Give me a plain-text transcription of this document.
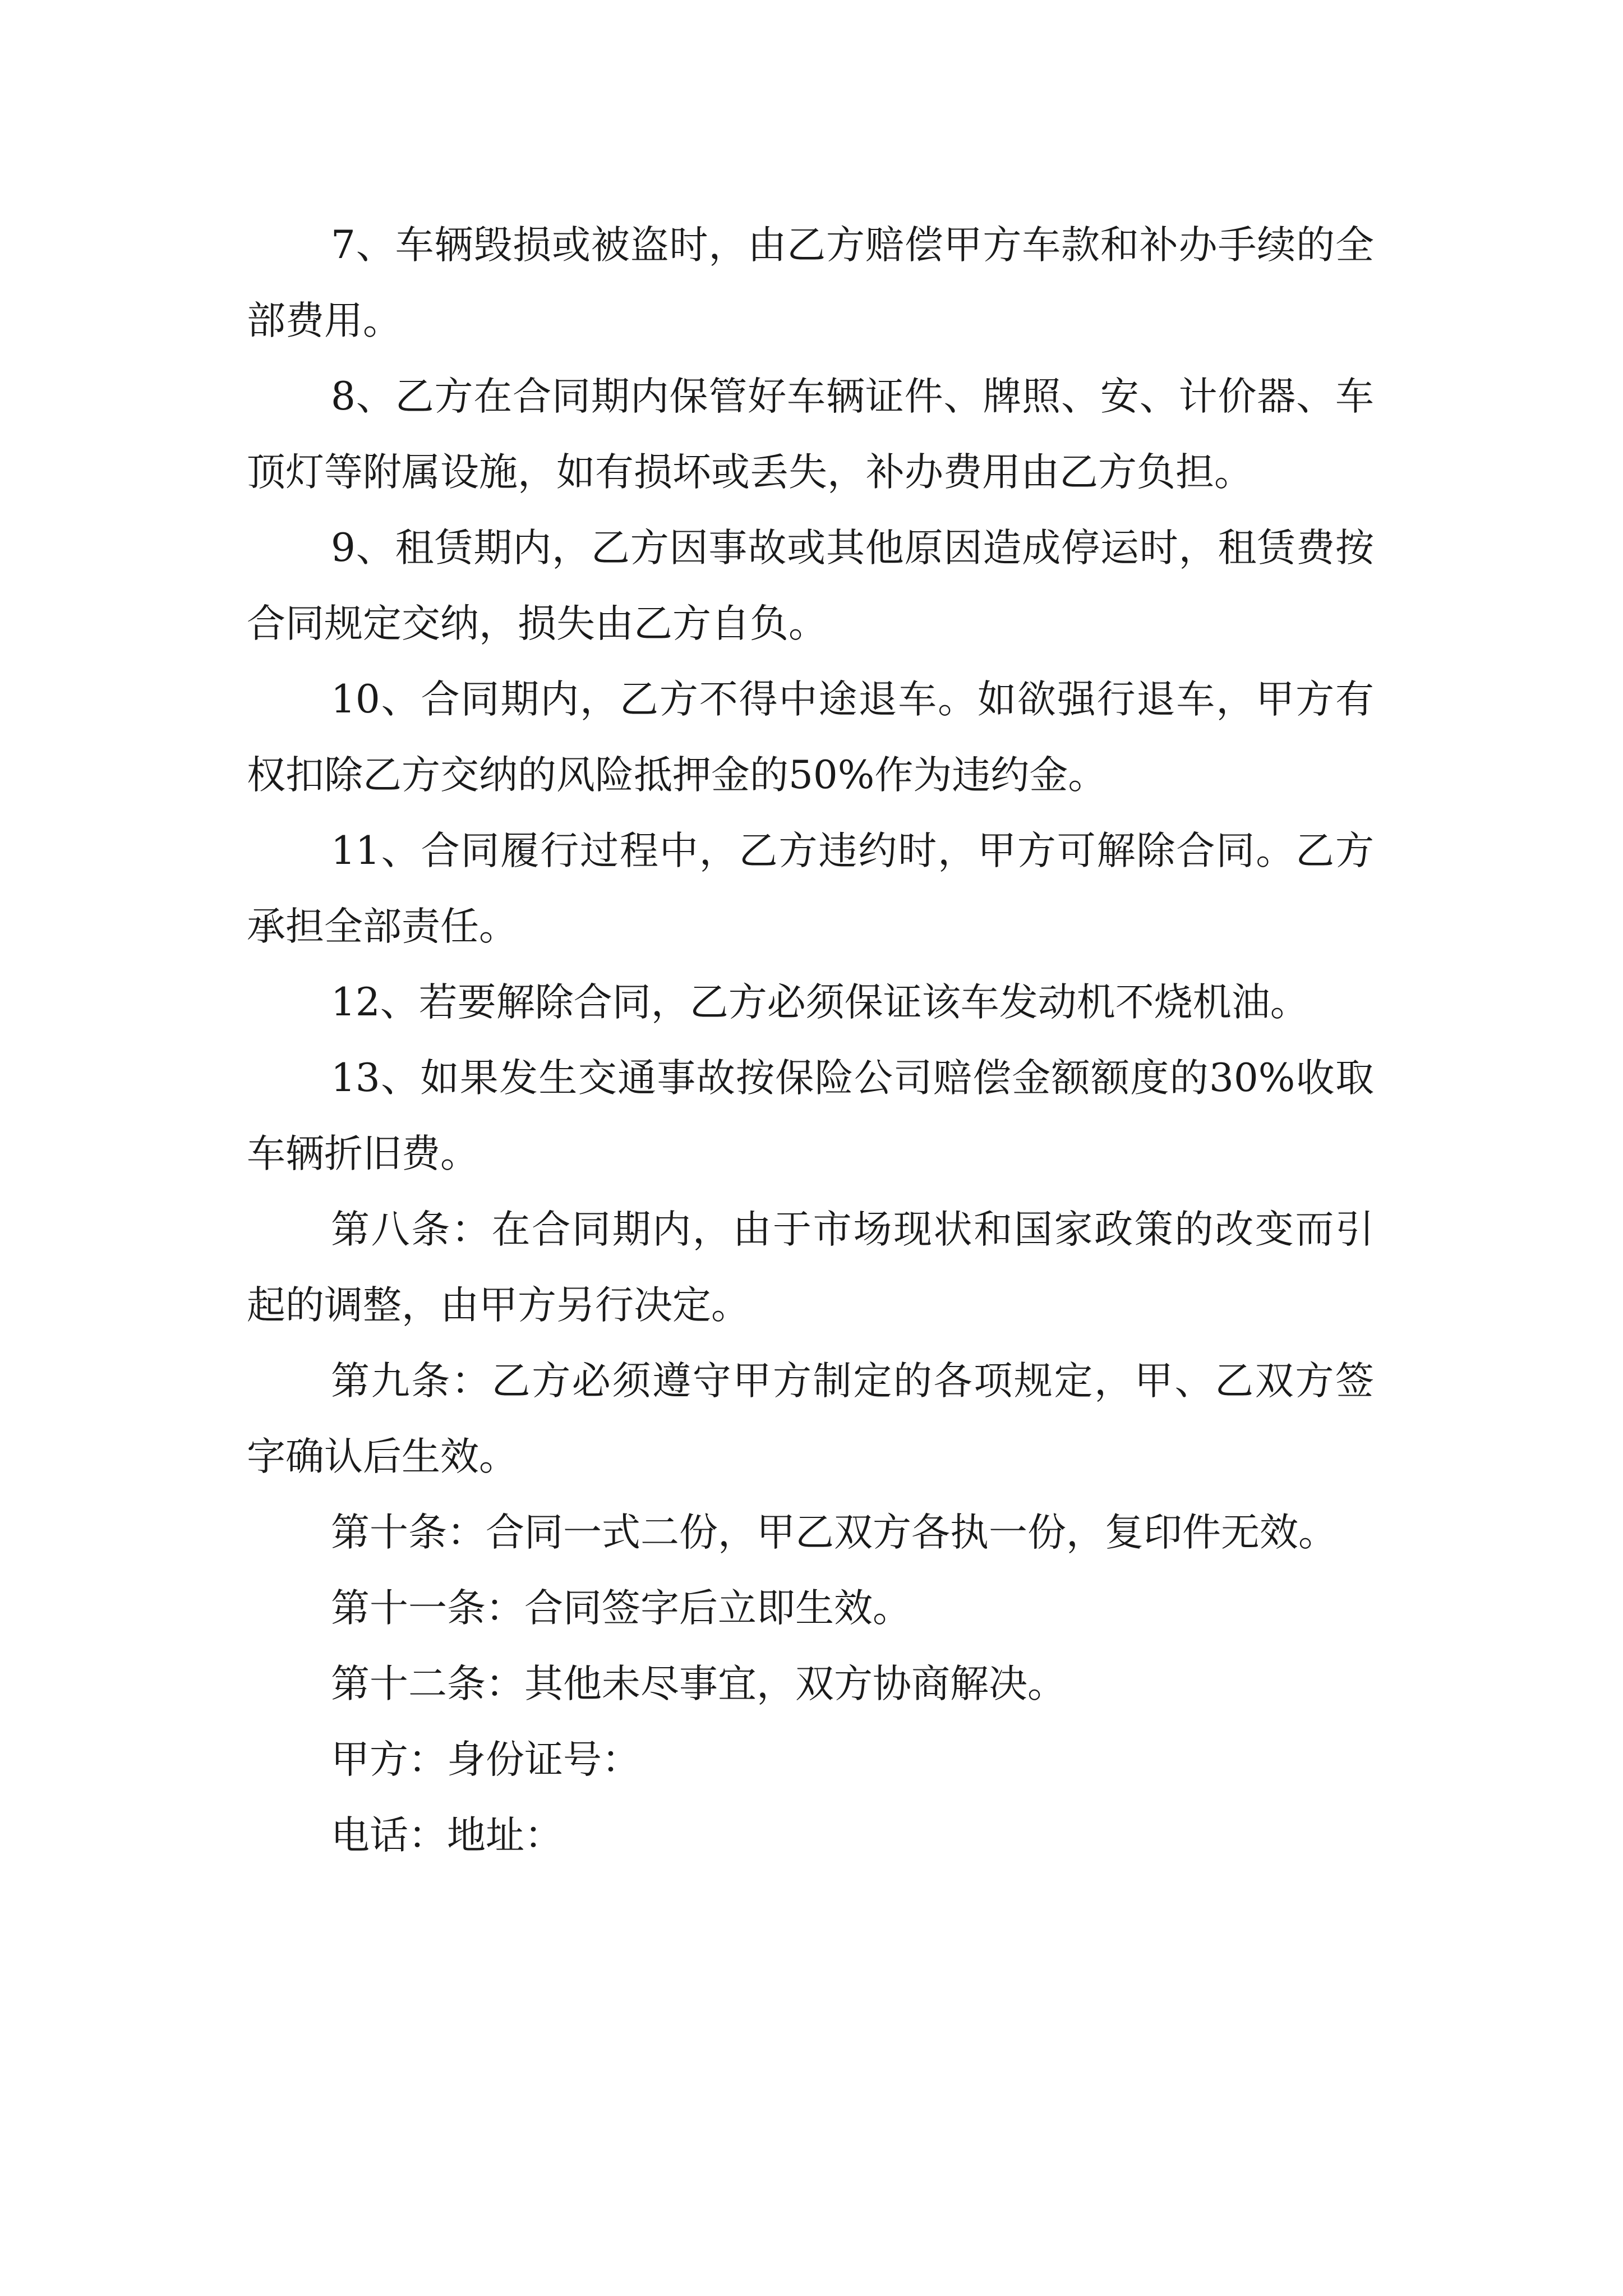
7、车辆毁损或被盗时，由乙方赔偿甲方车款和补办手续的全部费用。

8、乙方在合同期内保管好车辆证件、牌照、安、计价器、车顶灯等附属设施，如有损坏或丢失，补办费用由乙方负担。

9、租赁期内，乙方因事故或其他原因造成停运时，租赁费按合同规定交纳，损失由乙方自负。

10、合同期内，乙方不得中途退车。如欲强行退车，甲方有权扣除乙方交纳的风险抵押金的50%作为违约金。

11、合同履行过程中，乙方违约时，甲方可解除合同。乙方承担全部责任。

12、若要解除合同，乙方必须保证该车发动机不烧机油。

13、如果发生交通事故按保险公司赔偿金额额度的30%收取车辆折旧费。

第八条：在合同期内，由于市场现状和国家政策的改变而引起的调整，由甲方另行决定。

第九条：乙方必须遵守甲方制定的各项规定，甲、乙双方签字确认后生效。

第十条：合同一式二份，甲乙双方各执一份，复印件无效。

第十一条：合同签字后立即生效。

第十二条：其他未尽事宜，双方协商解决。

甲方：身份证号：

电话：地址：
